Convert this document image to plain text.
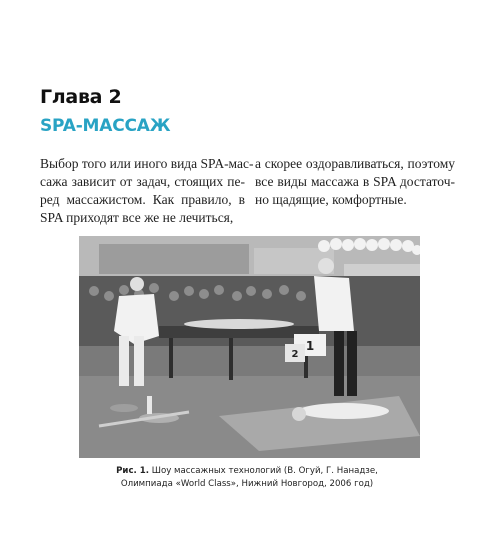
Глава 2
SPA-МАССАЖ
Выбор того или иного вида SPA-мас-
сажа зависит от задач, стоящих пе-
ред массажистом. Как правило, в
SPA приходят все же не лечиться,
а скорее оздоравливаться, поэтому
все виды массажа в SPA достаточ-
но щадящие, комфортные.
1
2
Рис. 1. Шоу массажных технологий (В. Огуй, Г. Нанадзе,
Олимпиада «World Class», Нижний Новгород, 2006 год)
